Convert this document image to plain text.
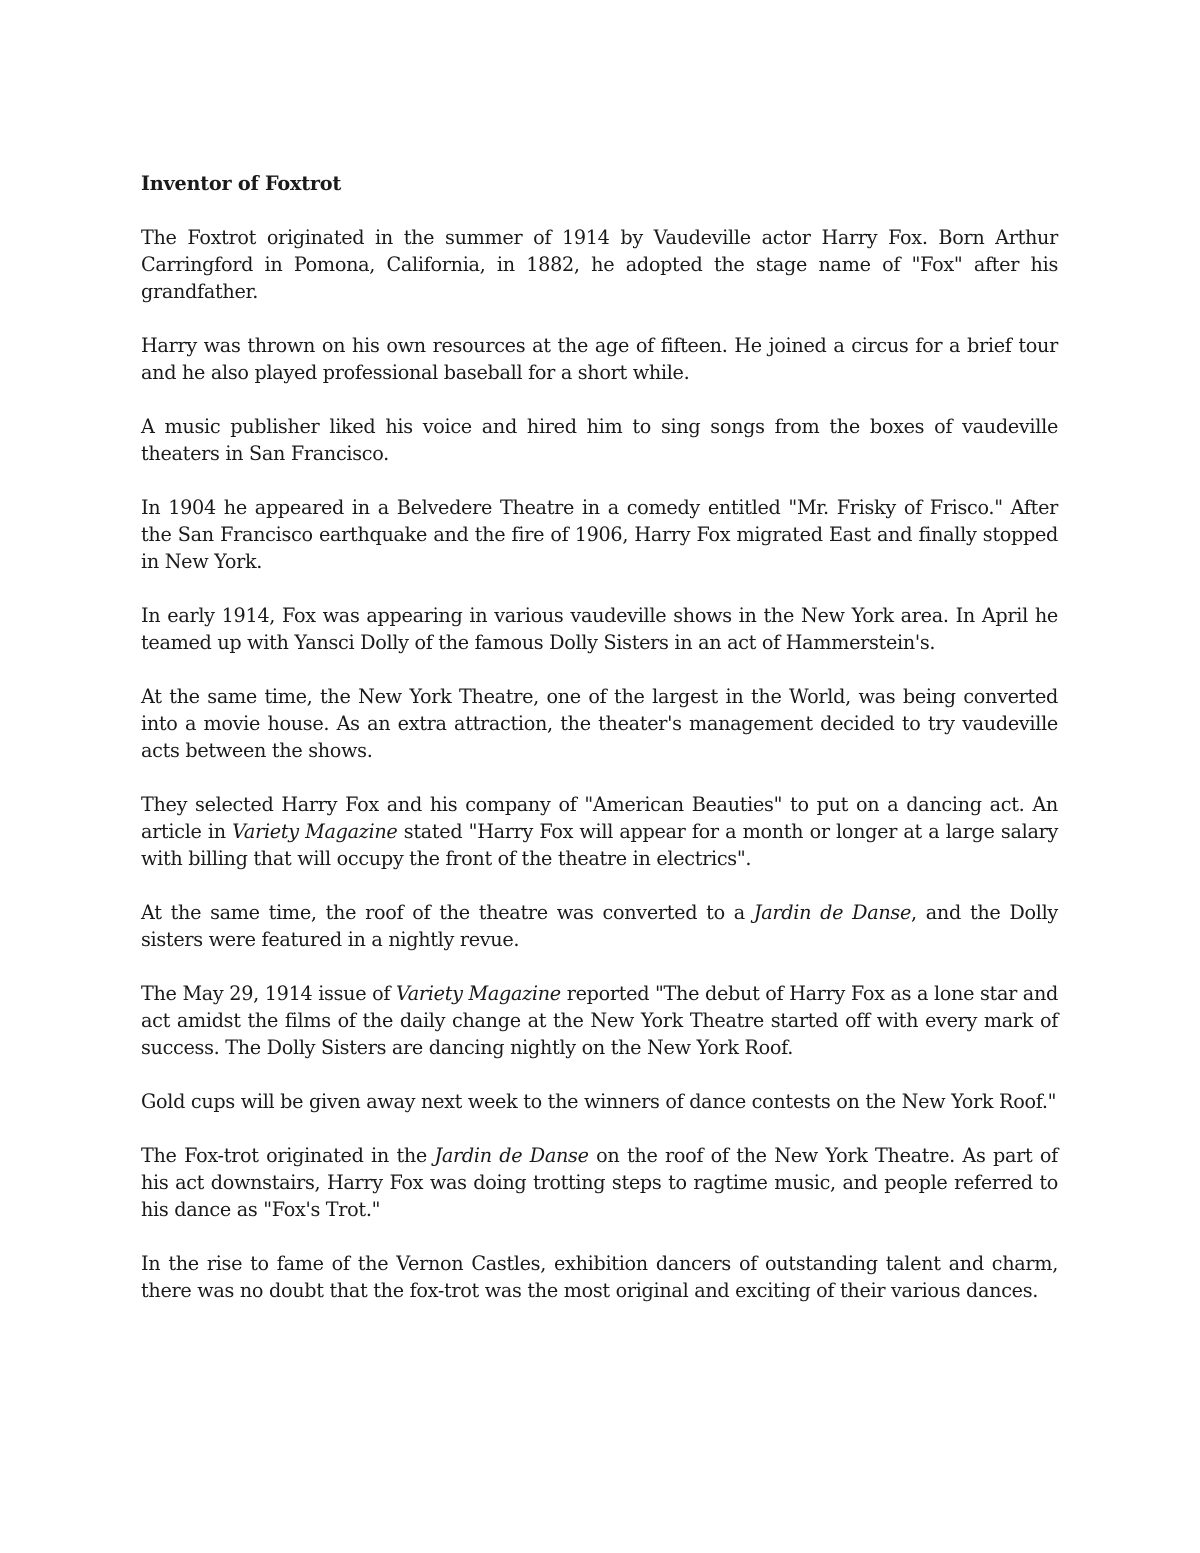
Inventor of Foxtrot

The Foxtrot originated in the summer of 1914 by Vaudeville actor Harry Fox. Born Arthur Carringford in Pomona, California, in 1882, he adopted the stage name of "Fox" after his grandfather.

Harry was thrown on his own resources at the age of fifteen. He joined a circus for a brief tour and he also played professional baseball for a short while.

A music publisher liked his voice and hired him to sing songs from the boxes of vaudeville theaters in San Francisco.

In 1904 he appeared in a Belvedere Theatre in a comedy entitled "Mr. Frisky of Frisco." After the San Francisco earthquake and the fire of 1906, Harry Fox migrated East and finally stopped in New York.

In early 1914, Fox was appearing in various vaudeville shows in the New York area. In April he teamed up with Yansci Dolly of the famous Dolly Sisters in an act of Hammerstein's.

At the same time, the New York Theatre, one of the largest in the World, was being converted into a movie house. As an extra attraction, the theater's management decided to try vaudeville acts between the shows.

They selected Harry Fox and his company of "American Beauties" to put on a dancing act. An article in Variety Magazine stated "Harry Fox will appear for a month or longer at a large salary with billing that will occupy the front of the theatre in electrics".

At the same time, the roof of the theatre was converted to a Jardin de Danse, and the Dolly sisters were featured in a nightly revue.

The May 29, 1914 issue of Variety Magazine reported "The debut of Harry Fox as a lone star and act amidst the films of the daily change at the New York Theatre started off with every mark of success. The Dolly Sisters are dancing nightly on the New York Roof.

Gold cups will be given away next week to the winners of dance contests on the New York Roof."

The Fox-trot originated in the Jardin de Danse on the roof of the New York Theatre. As part of his act downstairs, Harry Fox was doing trotting steps to ragtime music, and people referred to his dance as "Fox's Trot."

In the rise to fame of the Vernon Castles, exhibition dancers of outstanding talent and charm, there was no doubt that the fox-trot was the most original and exciting of their various dances.
